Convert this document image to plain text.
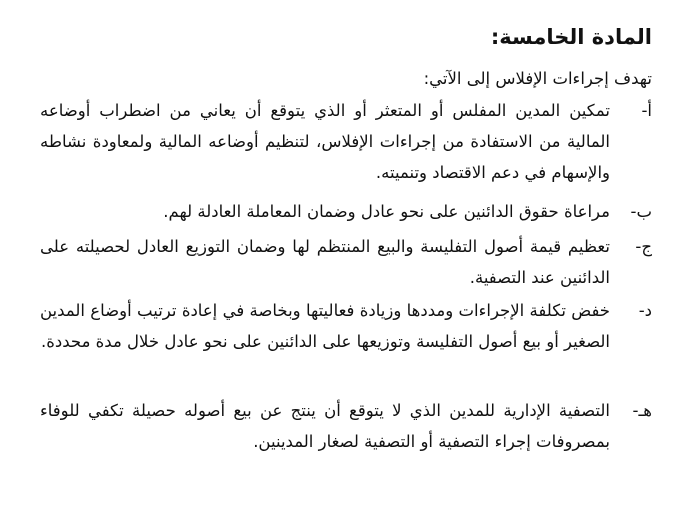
المادة الخامسة:

تهدف إجراءات الإفلاس إلى الآتي:

أ-
تمكين المدين المفلس أو المتعثر أو الذي يتوقع أن يعاني من اضطراب أوضاعه المالية من الاستفادة من إجراءات الإفلاس، لتنظيم أوضاعه المالية ولمعاودة نشاطه والإسهام في دعم الاقتصاد وتنميته.
ب-
مراعاة حقوق الدائنين على نحو عادل وضمان المعاملة العادلة لهم.
ج-
تعظيم قيمة أصول التفليسة والبيع المنتظم لها وضمان التوزيع العادل لحصيلته على الدائنين عند التصفية.
د-
خفض تكلفة الإجراءات ومددها وزيادة فعاليتها وبخاصة في إعادة ترتيب أوضاع المدين الصغير أو بيع أصول التفليسة وتوزيعها على الدائنين على نحو عادل خلال مدة محددة.
هـ-
التصفية الإدارية للمدين الذي لا يتوقع أن ينتج عن بيع أصوله حصيلة تكفي للوفاء بمصروفات إجراء التصفية أو التصفية لصغار المدينين.
